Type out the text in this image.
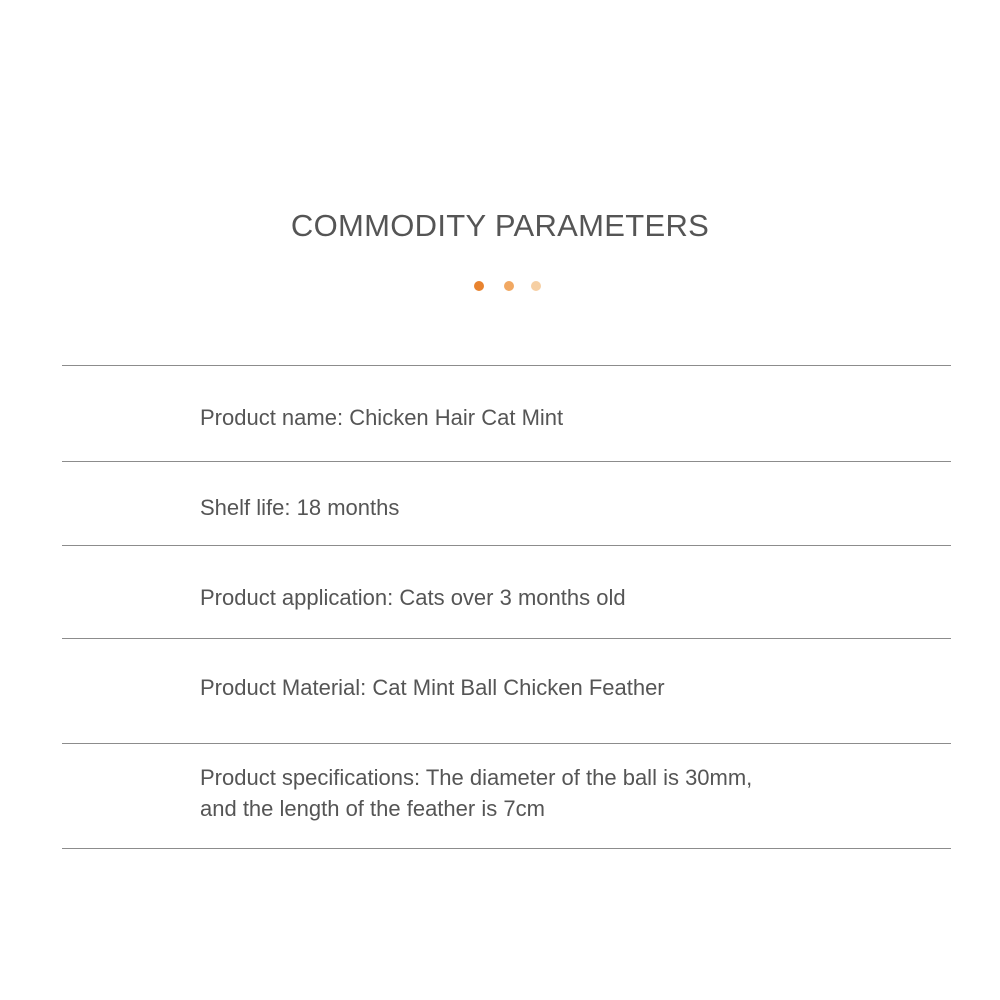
COMMODITY PARAMETERS
Product name: Chicken Hair Cat Mint
Shelf life: 18 months
Product application: Cats over 3 months old
Product Material: Cat Mint Ball Chicken Feather
Product specifications: The diameter of the ball is 30mm,
and the length of the feather is 7cm
